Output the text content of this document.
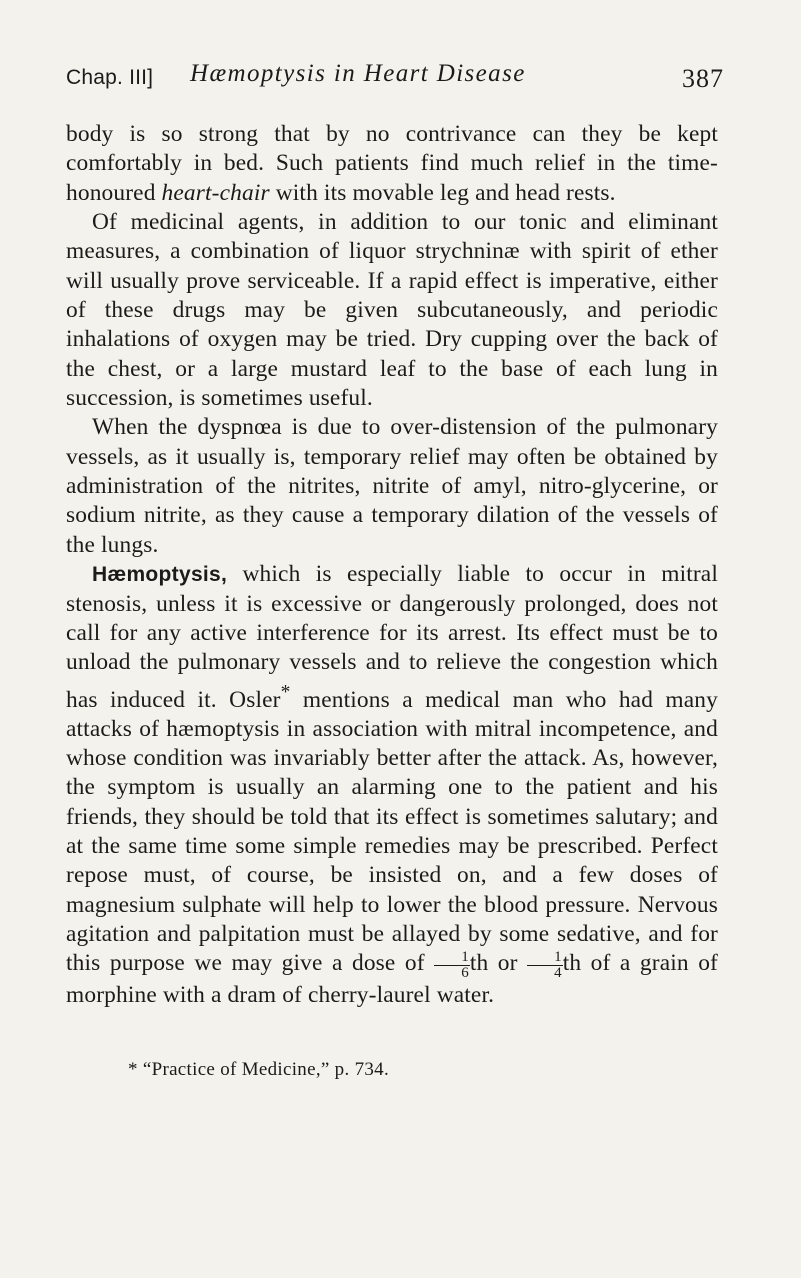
Chap. III] Hæmoptysis in Heart Disease	387

body is so strong that by no contrivance can they be kept comfortably in bed. Such patients find much relief in the time-honoured heart-chair with its movable leg and head rests.

Of medicinal agents, in addition to our tonic and eliminant measures, a combination of liquor strychninæ with spirit of ether will usually prove serviceable. If a rapid effect is imperative, either of these drugs may be given subcutaneously, and periodic inhalations of oxygen may be tried. Dry cupping over the back of the chest, or a large mustard leaf to the base of each lung in succession, is sometimes useful.

When the dyspnœa is due to over-distension of the pulmonary vessels, as it usually is, temporary relief may often be obtained by administration of the nitrites, nitrite of amyl, nitro-glycerine, or sodium nitrite, as they cause a temporary dilation of the vessels of the lungs.

Hæmoptysis, which is especially liable to occur in mitral stenosis, unless it is excessive or dangerously prolonged, does not call for any active interference for its arrest. Its effect must be to unload the pulmonary vessels and to relieve the congestion which has induced it. Osler* mentions a medical man who had many attacks of hæmoptysis in association with mitral incompetence, and whose condition was invariably better after the attack. As, however, the symptom is usually an alarming one to the patient and his friends, they should be told that its effect is sometimes salutary; and at the same time some simple remedies may be prescribed. Perfect repose must, of course, be insisted on, and a few doses of magnesium sulphate will help to lower the blood pressure. Nervous agitation and palpitation must be allayed by some sedative, and for this purpose we may give a dose of $\frac{1}{6}$ th or $\frac{1}{4}$ th of a grain of morphine with a dram of cherry-laurel water.

* “Practice of Medicine,” p. 734.
